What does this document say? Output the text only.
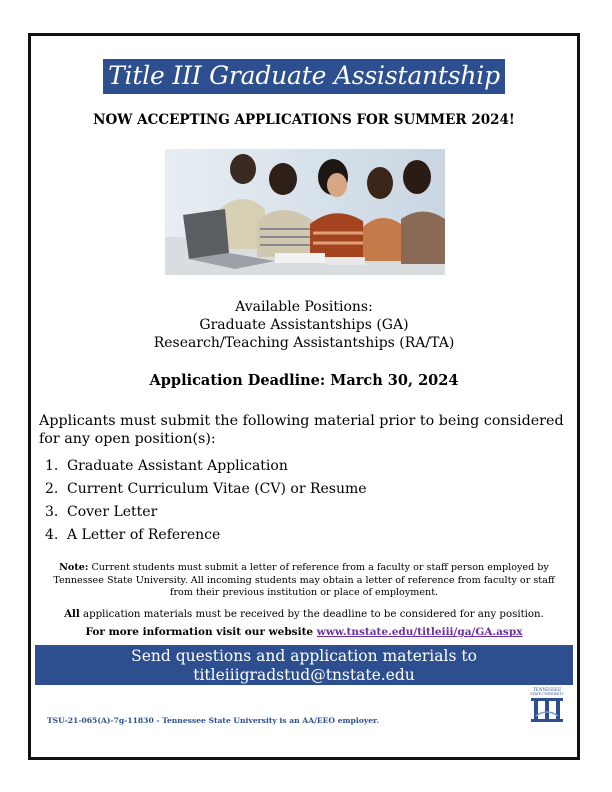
Title III Graduate Assistantship
NOW ACCEPTING APPLICATIONS FOR SUMMER 2024!
Available Positions:
Graduate Assistantships (GA)
Research/Teaching Assistantships (RA/TA)
Application Deadline: March 30, 2024
Applicants must submit the following material prior to being considered for any open position(s):
1. Graduate Assistant Application
2. Current Curriculum Vitae (CV) or Resume
3. Cover Letter
4. A Letter of Reference
Note: Current students must submit a letter of reference from a faculty or staff person employed by Tennessee State University. All incoming students may obtain a letter of reference from faculty or staff from their previous institution or place of employment.
All application materials must be received by the deadline to be considered for any position.
For more information visit our website www.tnstate.edu/titleiii/ga/GA.aspx
Send questions and application materials to
titleiiigradstud@tnstate.edu
TSU-21-065(A)-7g-11830 - Tennessee State University is an AA/EEO employer.
TENNESSEE
STATE UNIVERSITY
